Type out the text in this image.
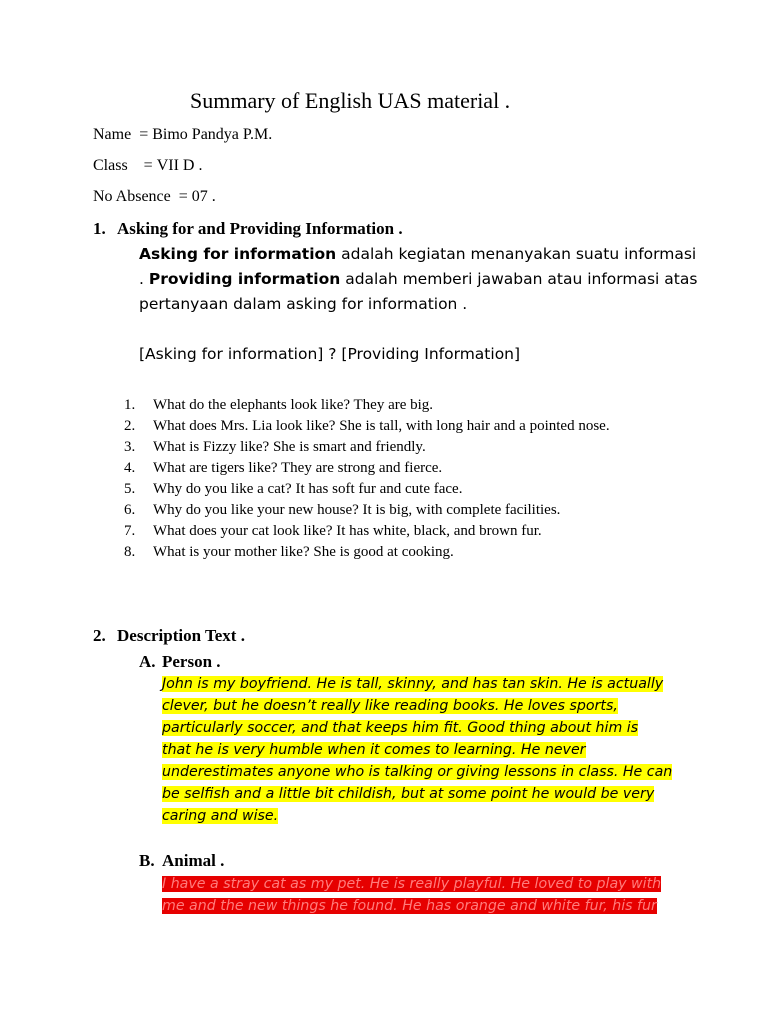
Summary of English UAS material .
Name  = Bimo Pandya P.M.
Class    = VII D .
No Absence  = 07 .
1. Asking for and Providing Information .
Asking for information adalah kegiatan menanyakan suatu informasi . Providing information adalah memberi jawaban atau informasi atas pertanyaan dalam asking for information .
[Asking for information] ? [Providing Information]
1.	What do the elephants look like? They are big.
2.	What does Mrs. Lia look like? She is tall, with long hair and a pointed nose.
3.	What is Fizzy like? She is smart and friendly.
4.	What are tigers like? They are strong and fierce.
5.	Why do you like a cat? It has soft fur and cute face.
6.	Why do you like your new house? It is big, with complete facilities.
7.	What does your cat look like? It has white, black, and brown fur.
8.	What is your mother like? She is good at cooking.
2. Description Text .
A. Person .
John is my boyfriend. He is tall, skinny, and has tan skin. He is actually
clever, but he doesn’t really like reading books. He loves sports,
particularly soccer, and that keeps him fit. Good thing about him is
that he is very humble when it comes to learning. He never
underestimates anyone who is talking or giving lessons in class. He can
be selfish and a little bit childish, but at some point he would be very
caring and wise.
B. Animal .
I have a stray cat as my pet. He is really playful. He loved to play with
me and the new things he found. He has orange and white fur, his fur
